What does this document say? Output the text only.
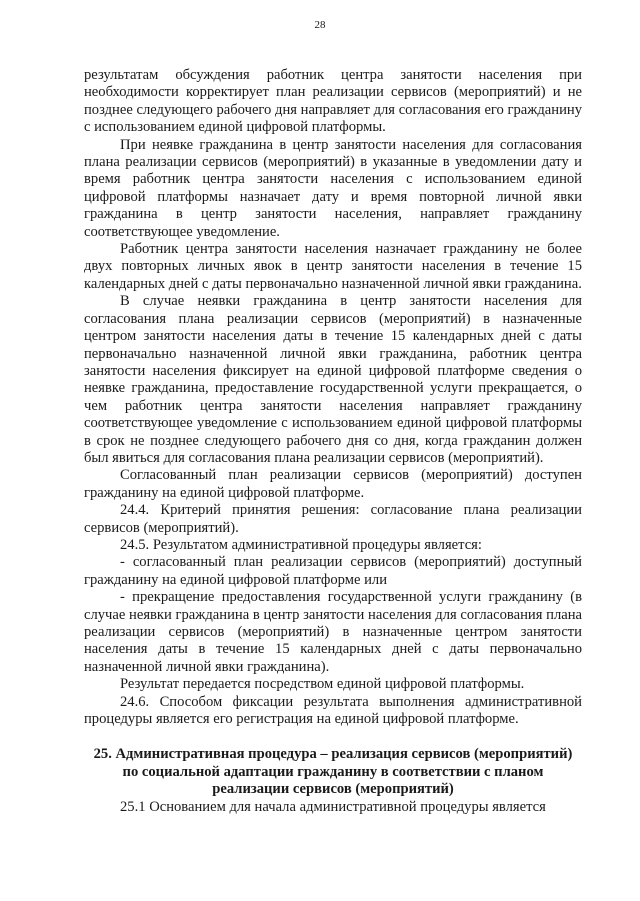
28

результатам обсуждения работник центра занятости населения при необходимости корректирует план реализации сервисов (мероприятий) и не позднее следующего рабочего дня направляет для согласования его гражданину с использованием единой цифровой платформы.

При неявке гражданина в центр занятости населения для согласования плана реализации сервисов (мероприятий) в указанные в уведомлении дату и время работник центра занятости населения с использованием единой цифровой платформы назначает дату и время повторной личной явки гражданина в центр занятости населения, направляет гражданину соответствующее уведомление.

Работник центра занятости населения назначает гражданину не более двух повторных личных явок в центр занятости населения в течение 15 календарных дней с даты первоначально назначенной личной явки гражданина.

В случае неявки гражданина в центр занятости населения для согласования плана реализации сервисов (мероприятий) в назначенные центром занятости населения даты в течение 15 календарных дней с даты первоначально назначенной личной явки гражданина, работник центра занятости населения фиксирует на единой цифровой платформе сведения о неявке гражданина, предоставление государственной услуги прекращается, о чем работник центра занятости населения направляет гражданину соответствующее уведомление с использованием единой цифровой платформы в срок не позднее следующего рабочего дня со дня, когда гражданин должен был явиться для согласования плана реализации сервисов (мероприятий).

Согласованный план реализации сервисов (мероприятий) доступен гражданину на единой цифровой платформе.

24.4. Критерий принятия решения: согласование плана реализации сервисов (мероприятий).

24.5. Результатом административной процедуры является:

- согласованный план реализации сервисов (мероприятий) доступный гражданину на единой цифровой платформе или

- прекращение предоставления государственной услуги гражданину (в случае неявки гражданина в центр занятости населения для согласования плана реализации сервисов (мероприятий) в назначенные центром занятости населения даты в течение 15 календарных дней с даты первоначально назначенной личной явки гражданина).

Результат передается посредством единой цифровой платформы.

24.6. Способом фиксации результата выполнения административной процедуры является его регистрация на единой цифровой платформе.

25. Административная процедура – реализация сервисов (мероприятий) по социальной адаптации гражданину в соответствии с планом реализации сервисов (мероприятий)

25.1 Основанием для начала административной процедуры является
